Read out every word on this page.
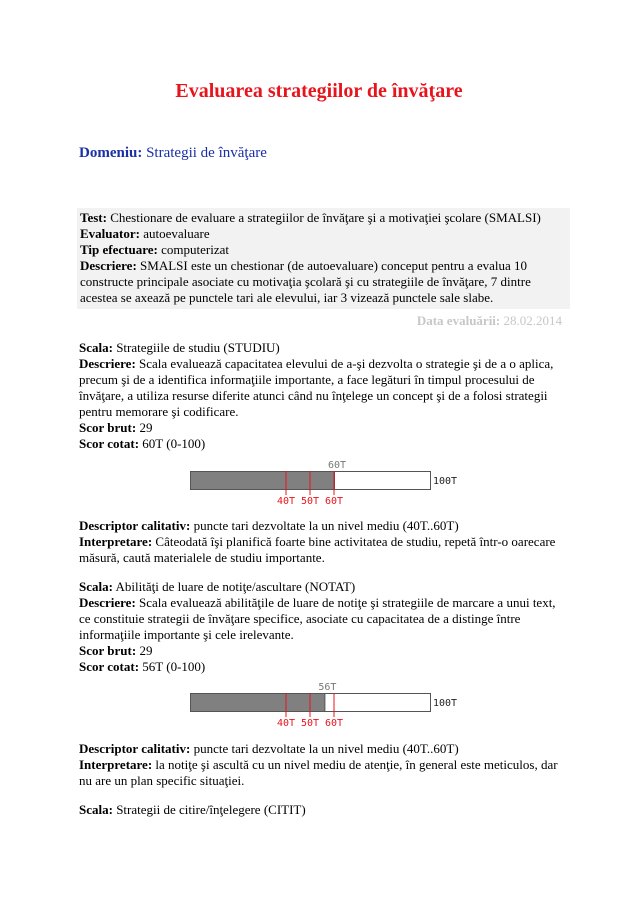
Evaluarea strategiilor de învăţare
Domeniu: Strategii de învăţare

Test: Chestionare de evaluare a strategiilor de învăţare şi a motivaţiei şcolare (SMALSI)

Evaluator: autoevaluare

Tip efectuare: computerizat

Descriere: SMALSI este un chestionar (de autoevaluare) conceput pentru a evalua 10 constructe principale asociate cu motivaţia şcolară şi cu strategiile de învăţare, 7 dintre acestea se axează pe punctele tari ale elevului, iar 3 vizează punctele sale slabe.

Data evaluării: 28.02.2014

Scala: Strategiile de studiu (STUDIU)

Descriere: Scala evaluează capacitatea elevului de a-şi dezvolta o strategie şi de a o aplica, precum şi de a identifica informaţiile importante, a face legături în timpul procesului de învăţare, a utiliza resurse diferite atunci când nu înţelege un concept şi de a folosi strategii pentru memorare şi codificare.

Scor brut: 29

Scor cotat: 60T (0-100)

60T
100T
40T 50T 60T

Descriptor calitativ: puncte tari dezvoltate la un nivel mediu (40T..60T)

Interpretare: Câteodată îşi planifică foarte bine activitatea de studiu, repetă într-o oarecare măsură, caută materialele de studiu importante.

Scala: Abilităţi de luare de notiţe/ascultare (NOTAT)

Descriere: Scala evaluează abilităţile de luare de notiţe şi strategiile de marcare a unui text, ce constituie strategii de învăţare specifice, asociate cu capacitatea de a distinge între informaţiile importante şi cele irelevante.

Scor brut: 29

Scor cotat: 56T (0-100)

56T
100T
40T 50T 60T

Descriptor calitativ: puncte tari dezvoltate la un nivel mediu (40T..60T)

Interpretare: la notiţe şi ascultă cu un nivel mediu de atenţie, în general este meticulos, dar nu are un plan specific situaţiei.

Scala: Strategii de citire/înţelegere (CITIT)
